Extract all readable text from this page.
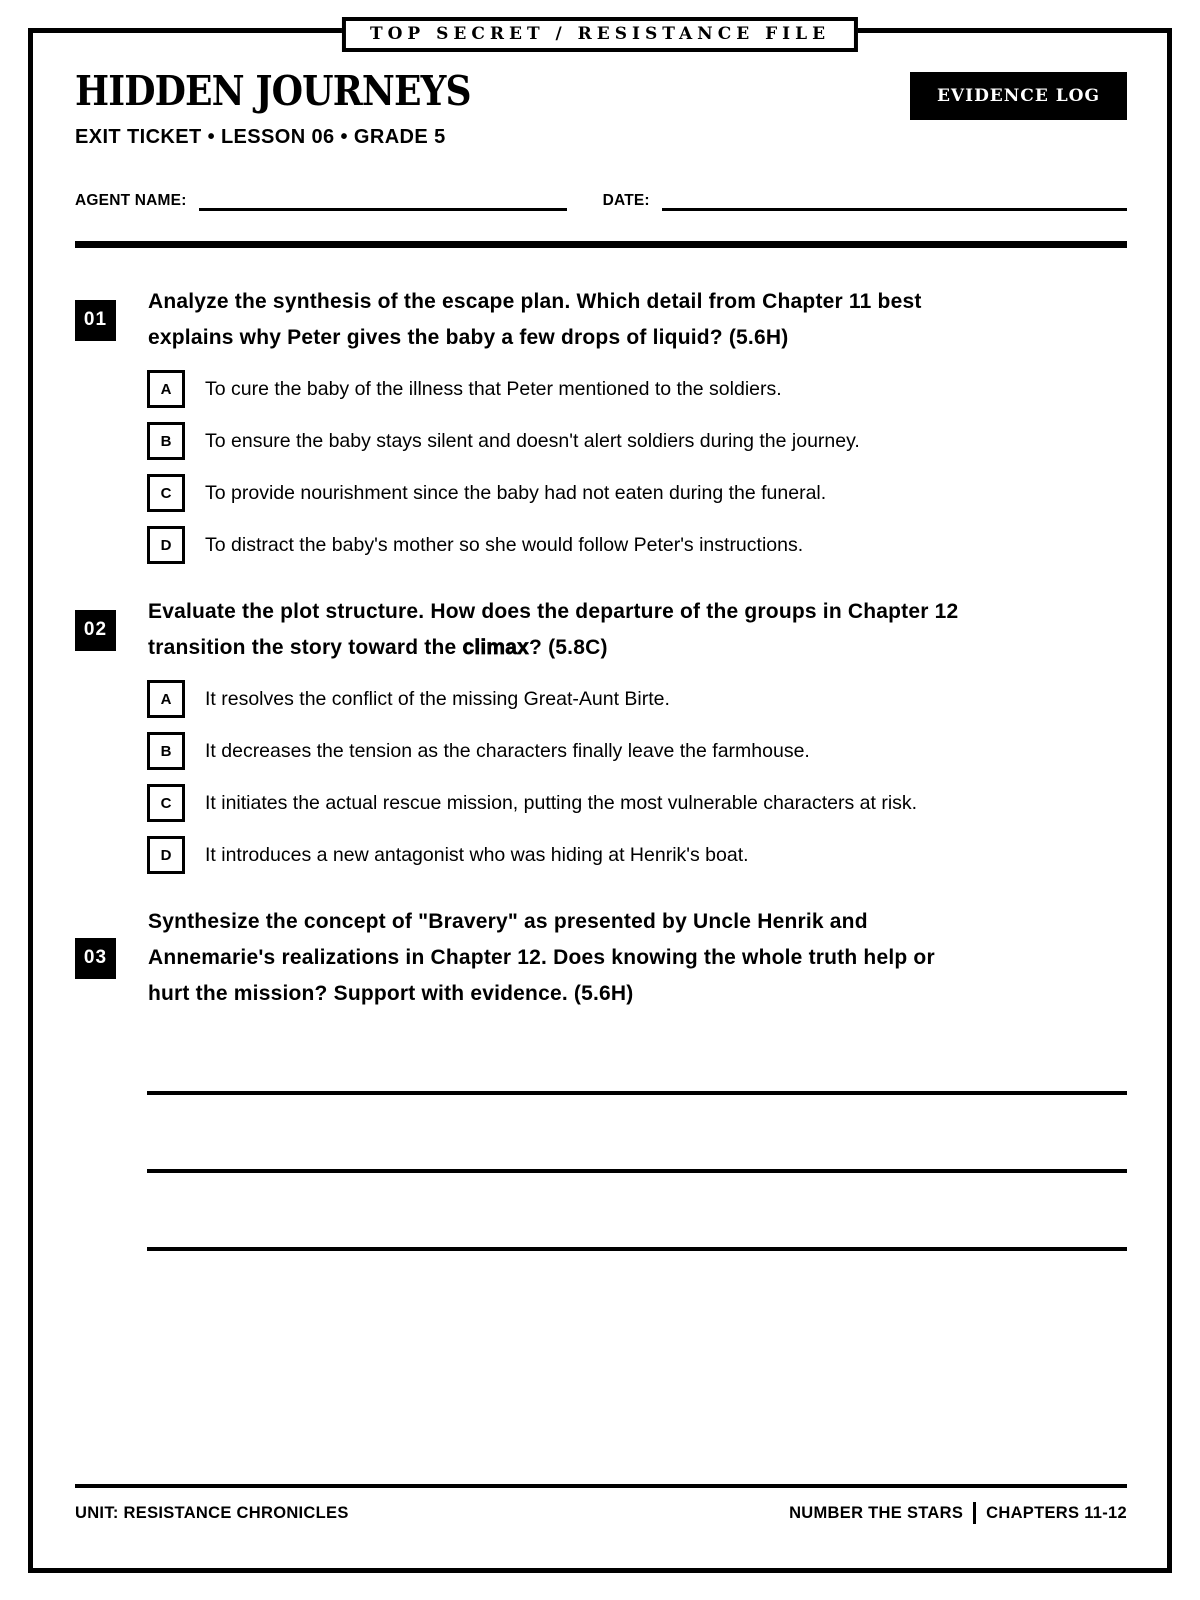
TOP SECRET / RESISTANCE FILE
HIDDEN JOURNEYS	EVIDENCE LOG
EXIT TICKET • LESSON 06 • GRADE 5
AGENT NAME:	DATE:
01
Analyze the synthesis of the escape plan. Which detail from Chapter 11 best
explains why Peter gives the baby a few drops of liquid? (5.6H)
A	To cure the baby of the illness that Peter mentioned to the soldiers.
B	To ensure the baby stays silent and doesn't alert soldiers during the journey.
C	To provide nourishment since the baby had not eaten during the funeral.
D	To distract the baby's mother so she would follow Peter's instructions.
02
Evaluate the plot structure. How does the departure of the groups in Chapter 12
transition the story toward the climax? (5.8C)
A	It resolves the conflict of the missing Great-Aunt Birte.
B	It decreases the tension as the characters finally leave the farmhouse.
C	It initiates the actual rescue mission, putting the most vulnerable characters at risk.
D	It introduces a new antagonist who was hiding at Henrik's boat.
03
Synthesize the concept of "Bravery" as presented by Uncle Henrik and
Annemarie's realizations in Chapter 12. Does knowing the whole truth help or
hurt the mission? Support with evidence. (5.6H)
UNIT: RESISTANCE CHRONICLES	NUMBER THE STARS CHAPTERS 11-12
